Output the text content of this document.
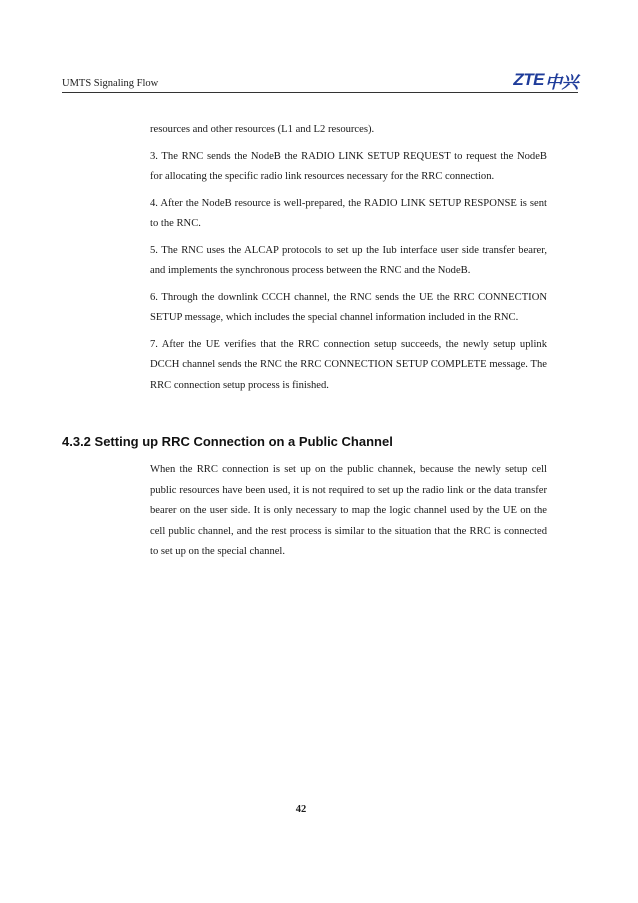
UMTS Signaling Flow	ZTE 中兴

resources and other resources (L1 and L2 resources).

3. The RNC sends the NodeB the RADIO LINK SETUP REQUEST to request the NodeB for allocating the specific radio link resources necessary for the RRC connection.

4. After the NodeB resource is well-prepared, the RADIO LINK SETUP RESPONSE is sent to the RNC.

5. The RNC uses the ALCAP protocols to set up the Iub interface user side transfer bearer, and implements the synchronous process between the RNC and the NodeB.

6. Through the downlink CCCH channel, the RNC sends the UE the RRC CONNECTION SETUP message, which includes the special channel information included in the RNC.

7. After the UE verifies that the RRC connection setup succeeds, the newly setup uplink DCCH channel sends the RNC the RRC CONNECTION SETUP COMPLETE message. The RRC connection setup process is finished.

4.3.2 Setting up RRC Connection on a Public Channel

When the RRC connection is set up on the public channek, because the newly setup cell public resources have been used, it is not required to set up the radio link or the data transfer bearer on the user side. It is only necessary to map the logic channel used by the UE on the cell public channel, and the rest process is similar to the situation that the RRC is connected to set up on the special channel.

42
